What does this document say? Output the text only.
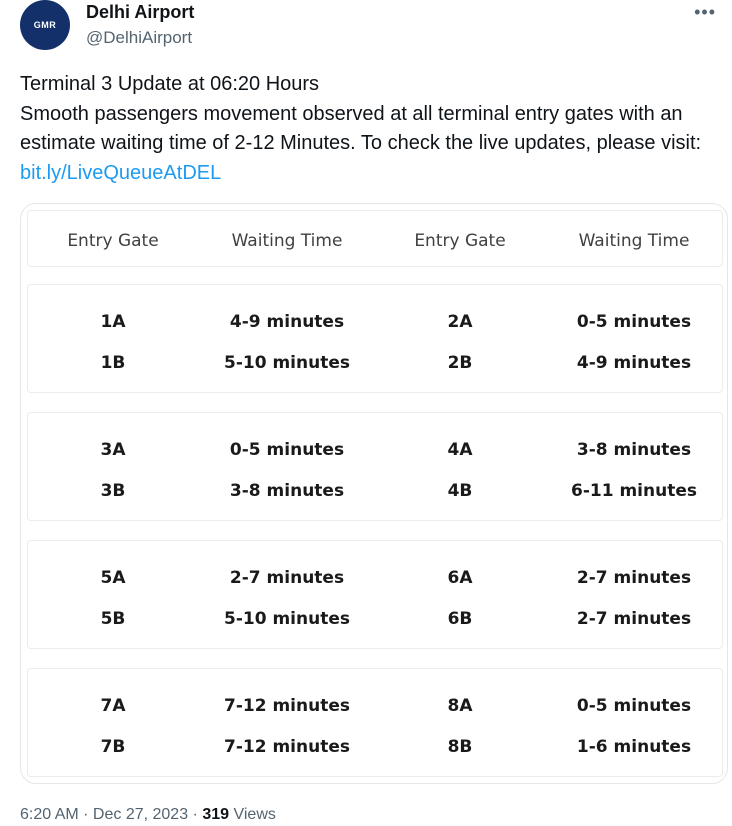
GMR
Delhi Airport
@DelhiAirport
•••
Terminal 3 Update at 06:20 Hours
Smooth passengers movement observed at all terminal entry gates with an estimate waiting time of 2-12 Minutes. To check the live updates, please visit: bit.ly/LiveQueueAtDEL
Entry Gate	Waiting Time	Entry Gate	Waiting Time
1A	4-9 minutes	2A	0-5 minutes
1B	5-10 minutes	2B	4-9 minutes
3A	0-5 minutes	4A	3-8 minutes
3B	3-8 minutes	4B	6-11 minutes
5A	2-7 minutes	6A	2-7 minutes
5B	5-10 minutes	6B	2-7 minutes
7A	7-12 minutes	8A	0-5 minutes
7B	7-12 minutes	8B	1-6 minutes
6:20 AM · Dec 27, 2023 · 319 Views
